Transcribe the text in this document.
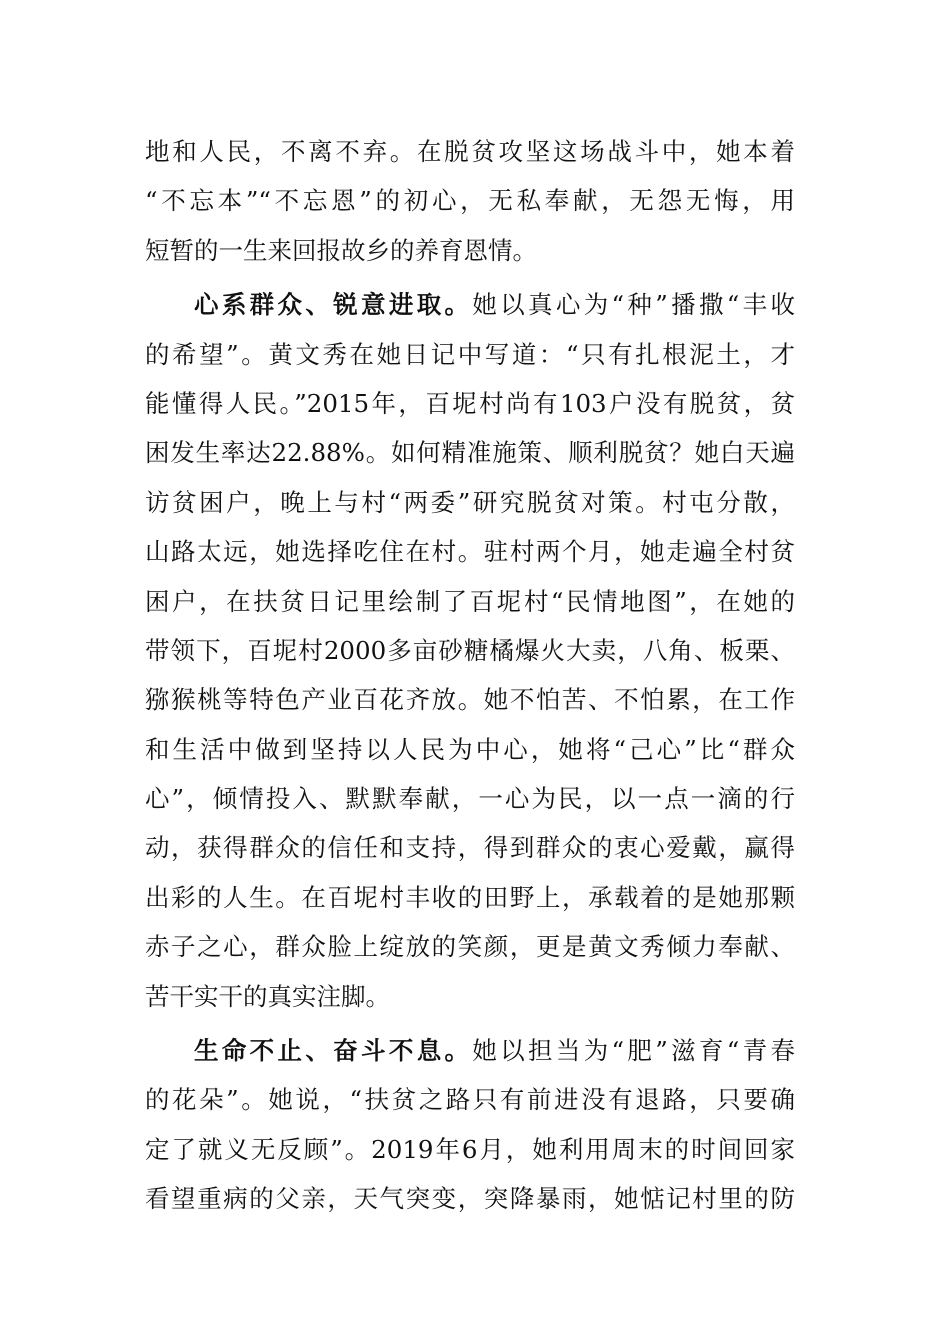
地和人民，不离不弃。在脱贫攻坚这场战斗中，她本着
“不忘本”“不忘恩”的初心，无私奉献，无怨无悔，用
短暂的一生来回报故乡的养育恩情。
心系群众、锐意进取。她以真心为“种”播撒“丰收
的希望”。黄文秀在她日记中写道：“只有扎根泥土，才
能懂得人民。”2015年，百坭村尚有103户没有脱贫，贫
困发生率达22.88%。如何精准施策、顺利脱贫？她白天遍
访贫困户，晚上与村“两委”研究脱贫对策。村屯分散，
山路太远，她选择吃住在村。驻村两个月，她走遍全村贫
困户，在扶贫日记里绘制了百坭村“民情地图”，在她的
带领下，百坭村2000多亩砂糖橘爆火大卖，八角、板栗、
猕猴桃等特色产业百花齐放。她不怕苦、不怕累，在工作
和生活中做到坚持以人民为中心，她将“己心”比“群众
心”，倾情投入、默默奉献，一心为民，以一点一滴的行
动，获得群众的信任和支持，得到群众的衷心爱戴，赢得
出彩的人生。在百坭村丰收的田野上，承载着的是她那颗
赤子之心，群众脸上绽放的笑颜，更是黄文秀倾力奉献、
苦干实干的真实注脚。
生命不止、奋斗不息。她以担当为“肥”滋育“青春
的花朵”。她说，“扶贫之路只有前进没有退路，只要确
定了就义无反顾”。2019年6月，她利用周末的时间回家
看望重病的父亲，天气突变，突降暴雨，她惦记村里的防
